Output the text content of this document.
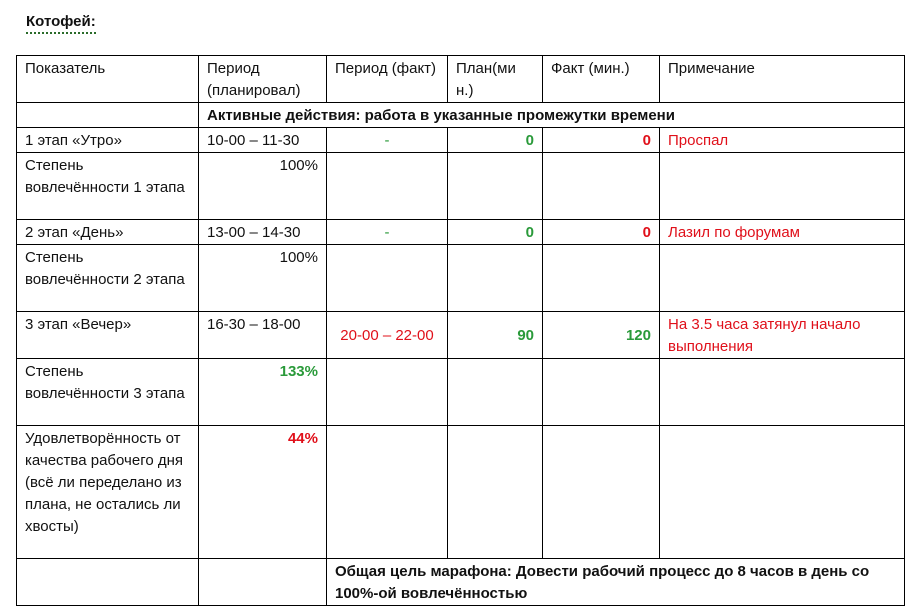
Котофей:
Показатель	Период (планировал)	Период (факт)	План(ми н.)	Факт (мин.)	Примечание
	Активные действия: работа в указанные промежутки времени				
1 этап «Утро»	10-00 – 11-30	-	0	0	Проспал
Степень вовлечённости 1 этапа	100%				
2 этап «День»	13-00 – 14-30	-	0	0	Лазил по форумам
Степень вовлечённости 2 этапа	100%				
3 этап «Вечер»	16-30 – 18-00	20-00 – 22-00	90	120	На 3.5 часа затянул начало выполнения
Степень вовлечённости 3 этапа	133%				
Удовлетворённость от качества рабочего дня (всё ли переделано из плана, не остались ли хвосты)	44%				
		Общая цель марафона: Довести рабочий процесс до 8 часов в день со 100%-ой вовлечённостью			
